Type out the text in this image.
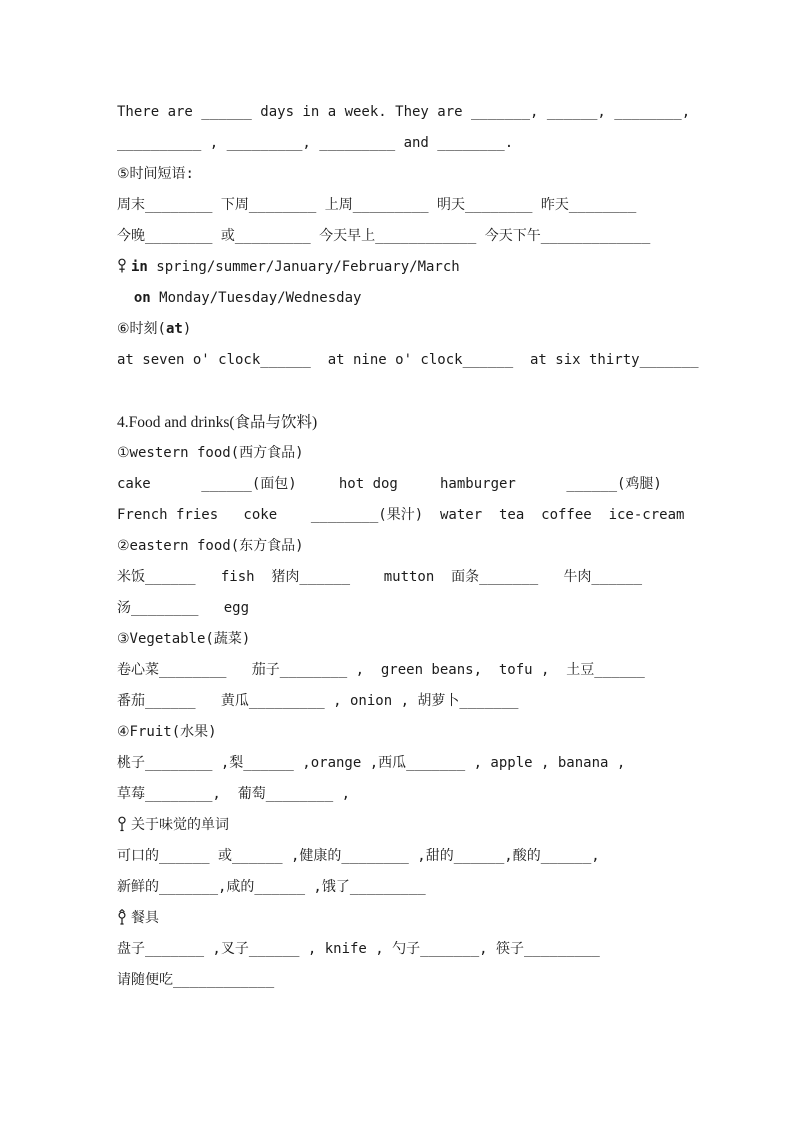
There are ______ days in a week. They are _______, ______, ________,
__________ , _________, _________ and ________.
⑤时间短语:
周末________ 下周________ 上周_________ 明天________ 昨天________
今晚________ 或_________ 今天早上____________ 今天下午_____________
in spring/summer/January/February/March
on Monday/Tuesday/Wednesday
⑥时刻(at)
at seven o' clock______  at nine o' clock______  at six thirty_______

4.Food and drinks(食品与饮料)
①western food(西方食品)
cake      ______(面包)     hot dog     hamburger      ______(鸡腿)
French fries   coke    ________(果汁)  water  tea  coffee  ice-cream
②eastern food(东方食品)
米饭______   fish  猪肉______    mutton  面条_______   牛肉______
汤________   egg
③Vegetable(蔬菜)
卷心菜________   茄子________ ,  green beans,  tofu ,  土豆______
番茄______   黄瓜_________ , onion , 胡萝卜_______
④Fruit(水果)
桃子________ ,梨______ ,orange ,西瓜_______ , apple , banana ,
草莓________,  葡萄________ ,
关于味觉的单词
可口的______ 或______ ,健康的________ ,甜的______,酸的______,
新鲜的_______,咸的______ ,饿了_________
餐具
盘子_______ ,叉子______ , knife , 勺子_______, 筷子_________
请随便吃____________
